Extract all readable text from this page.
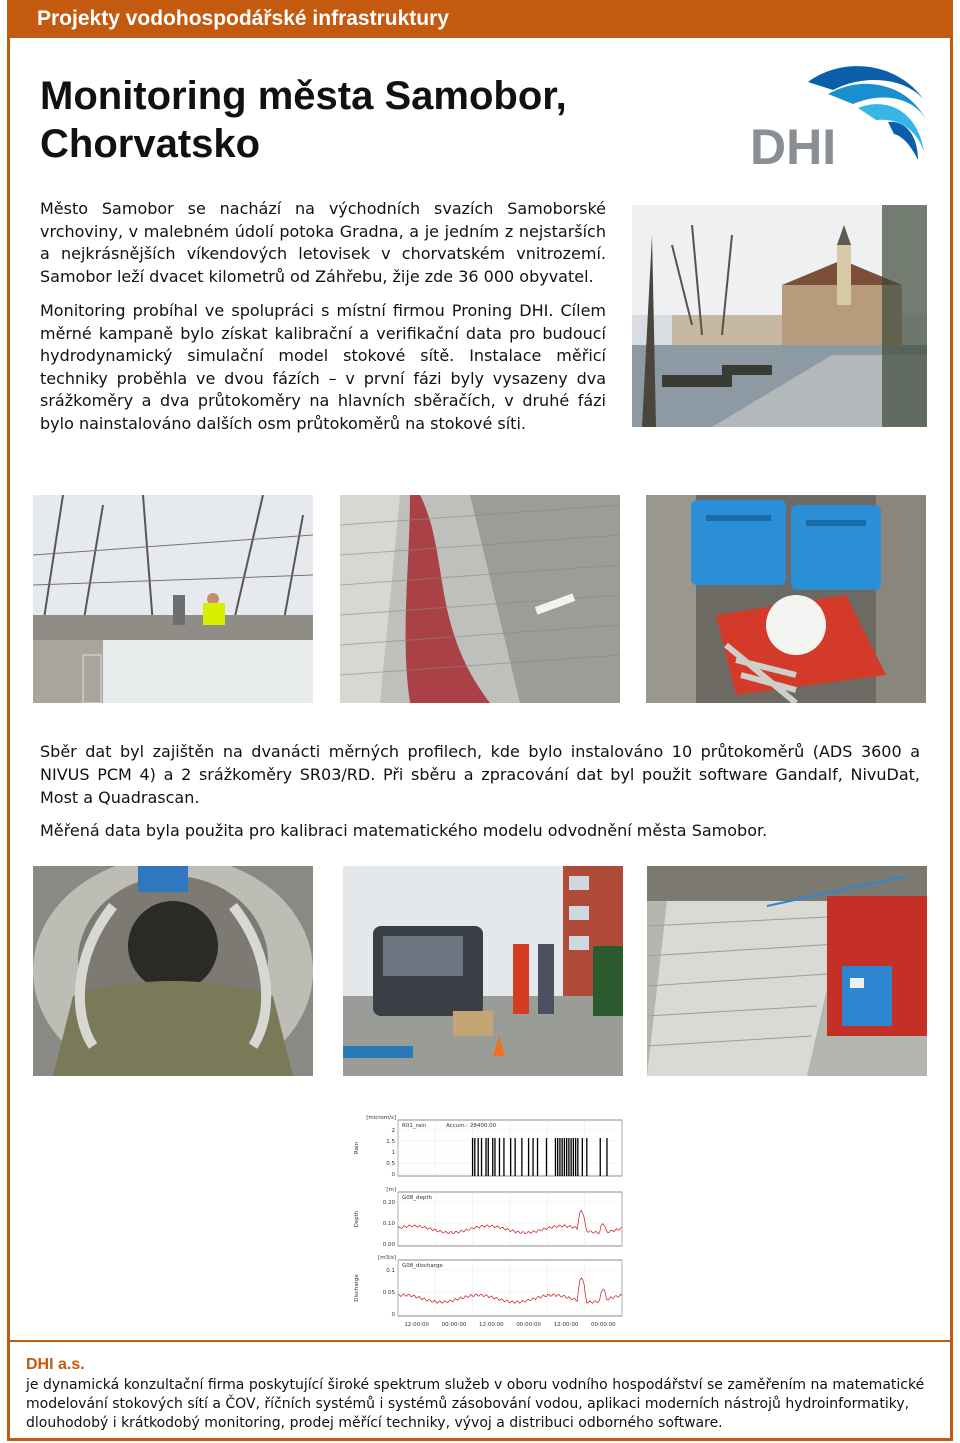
Projekty vodohospodářské infrastruktury
Monitoring města Samobor,
Chorvatsko	DHI

Město Samobor se nachází na východních svazích Samoborské vrchoviny, v malebném údolí potoka Gradna, a je jedním z nejstarších a nejkrásnějších víkendových letovisek v chorvatském vnitrozemí. Samobor leží dvacet kilometrů od Záhřebu, žije zde 36 000 obyvatel.

Monitoring probíhal ve spolupráci s místní firmou Proning DHI. Cílem měrné kampaně bylo získat kalibrační a verifikační data pro budoucí hydrodynamický simulační model stokové sítě. Instalace měřicí techniky proběhla ve dvou fázích – v první fázi byly vysazeny dva srážkoměry a dva průtokoměry na hlavních sběračích, v druhé fázi bylo nainstalováno dalších osm průtokoměrů na stokové síti.

Sběr dat byl zajištěn na dvanácti měrných profilech, kde bylo instalováno 10 průtokoměrů (ADS 3600 a NIVUS PCM 4) a 2 srážkoměry SR03/RD. Při sběru a zpracování dat byl použit software Gandalf, NivuDat, Most a Quadrascan.

Měřená data byla použita pro kalibraci matematického modelu odvodnění města Samobor.

[microm/s]
R01_rain	Accum.: 28400.00
Rain
2
1.5
1
0.5
0
[m]
G08_depth
Depth
0.20
0.10
0.00
[m3/s]
G08_discharge
Discharge
0.1
0.05
0
12:00:00 00:00:00 12:00:00 00:00:00 12:00:00 00:00:00
DHI a.s.
je dynamická konzultační firma poskytující široké spektrum služeb v oboru vodního hospodářství se zaměřením na matematické modelování stokových sítí a ČOV, říčních systémů i systémů zásobování vodou, aplikaci moderních nástrojů hydroinformatiky, dlouhodobý i krátkodobý monitoring, prodej měřící techniky, vývoj a distribuci odborného software.
